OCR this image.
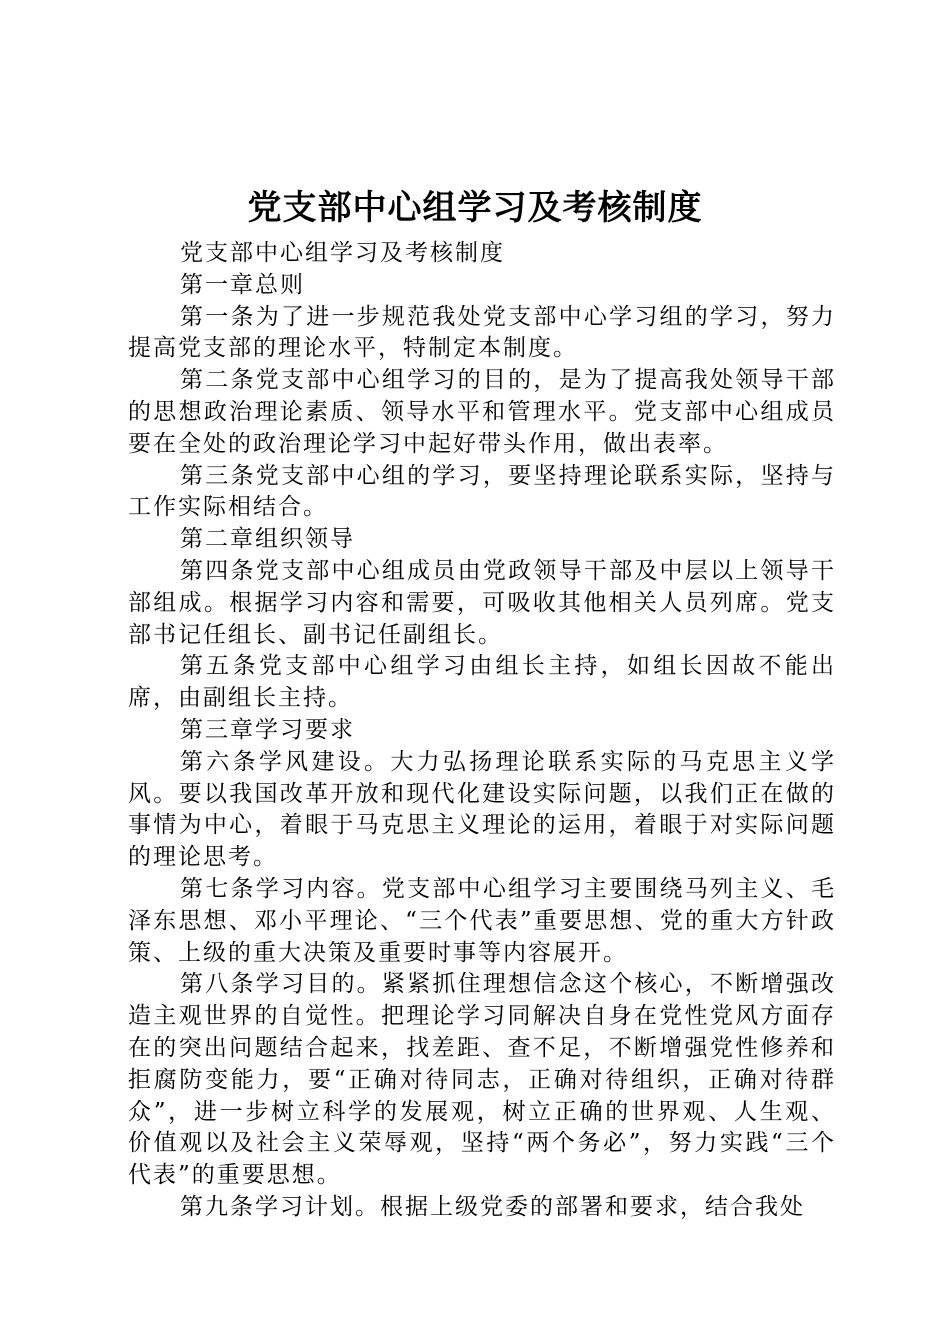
党支部中心组学习及考核制度

党支部中心组学习及考核制度

第一章总则

第一条为了进一步规范我处党支部中心学习组的学习，努力提高党支部的理论水平，特制定本制度。

第二条党支部中心组学习的目的，是为了提高我处领导干部的思想政治理论素质、领导水平和管理水平。党支部中心组成员要在全处的政治理论学习中起好带头作用，做出表率。

第三条党支部中心组的学习，要坚持理论联系实际，坚持与工作实际相结合。

第二章组织领导

第四条党支部中心组成员由党政领导干部及中层以上领导干部组成。根据学习内容和需要，可吸收其他相关人员列席。党支部书记任组长、副书记任副组长。

第五条党支部中心组学习由组长主持，如组长因故不能出席，由副组长主持。

第三章学习要求

第六条学风建设。大力弘扬理论联系实际的马克思主义学风。要以我国改革开放和现代化建设实际问题，以我们正在做的事情为中心，着眼于马克思主义理论的运用，着眼于对实际问题的理论思考。

第七条学习内容。党支部中心组学习主要围绕马列主义、毛泽东思想、邓小平理论、“三个代表”重要思想、党的重大方针政策、上级的重大决策及重要时事等内容展开。

第八条学习目的。紧紧抓住理想信念这个核心，不断增强改造主观世界的自觉性。把理论学习同解决自身在党性党风方面存在的突出问题结合起来，找差距、查不足，不断增强党性修养和拒腐防变能力，要“正确对待同志，正确对待组织，正确对待群众”，进一步树立科学的发展观，树立正确的世界观、人生观、价值观以及社会主义荣辱观，坚持“两个务必”，努力实践“三个代表”的重要思想。

第九条学习计划。根据上级党委的部署和要求，结合我处
